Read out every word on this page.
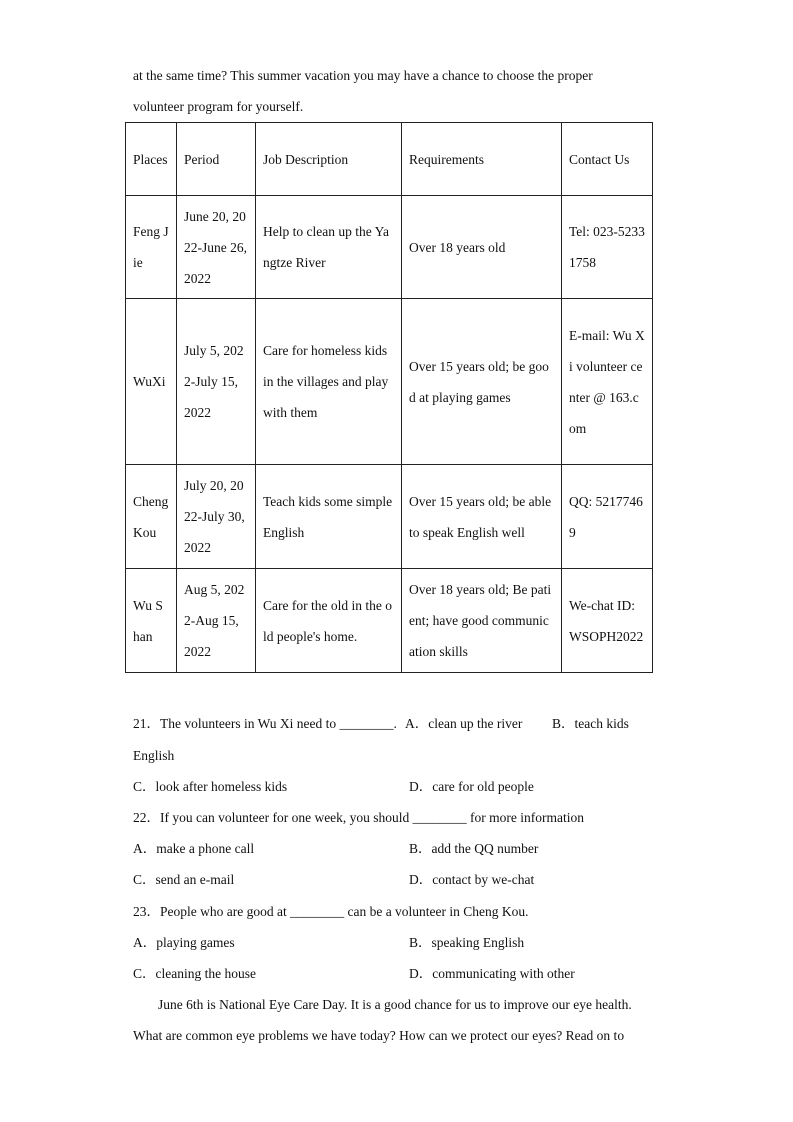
at the same time? This summer vacation you may have a chance to choose the proper
volunteer program for yourself.
Places	Period	Job Description	Requirements	Contact Us
Feng Jie	June 20, 2022-June 26, 2022	Help to clean up the Yangtze River	Over 18 years old	Tel: 023-52331758
WuXi	July 5, 2022-July 15, 2022	Care for homeless kids in the villages and play with them	Over 15 years old; be good at playing games	E-mail: Wu Xi volunteer center @ 163.com
Cheng Kou	July 20, 2022-July 30, 2022	Teach kids some simple English	Over 15 years old; be able to speak English well	QQ: 52177469
Wu Shan	Aug 5, 2022-Aug 15, 2022	Care for the old in the old people's home.	Over 18 years old; Be patient; have good communication skills	We-chat ID: WSOPH2022
21．The volunteers in Wu Xi need to ________. A．clean up the river B．teach kids
English
C．look after homeless kids	D．care for old people
22．If you can volunteer for one week, you should ________ for more information
A．make a phone call	B．add the QQ number
C．send an e-mail	D．contact by we-chat
23．People who are good at ________ can be a volunteer in Cheng Kou.
A．playing games	B．speaking English
C．cleaning the house	D．communicating with other
June 6th is National Eye Care Day. It is a good chance for us to improve our eye health.
What are common eye problems we have today? How can we protect our eyes? Read on to
